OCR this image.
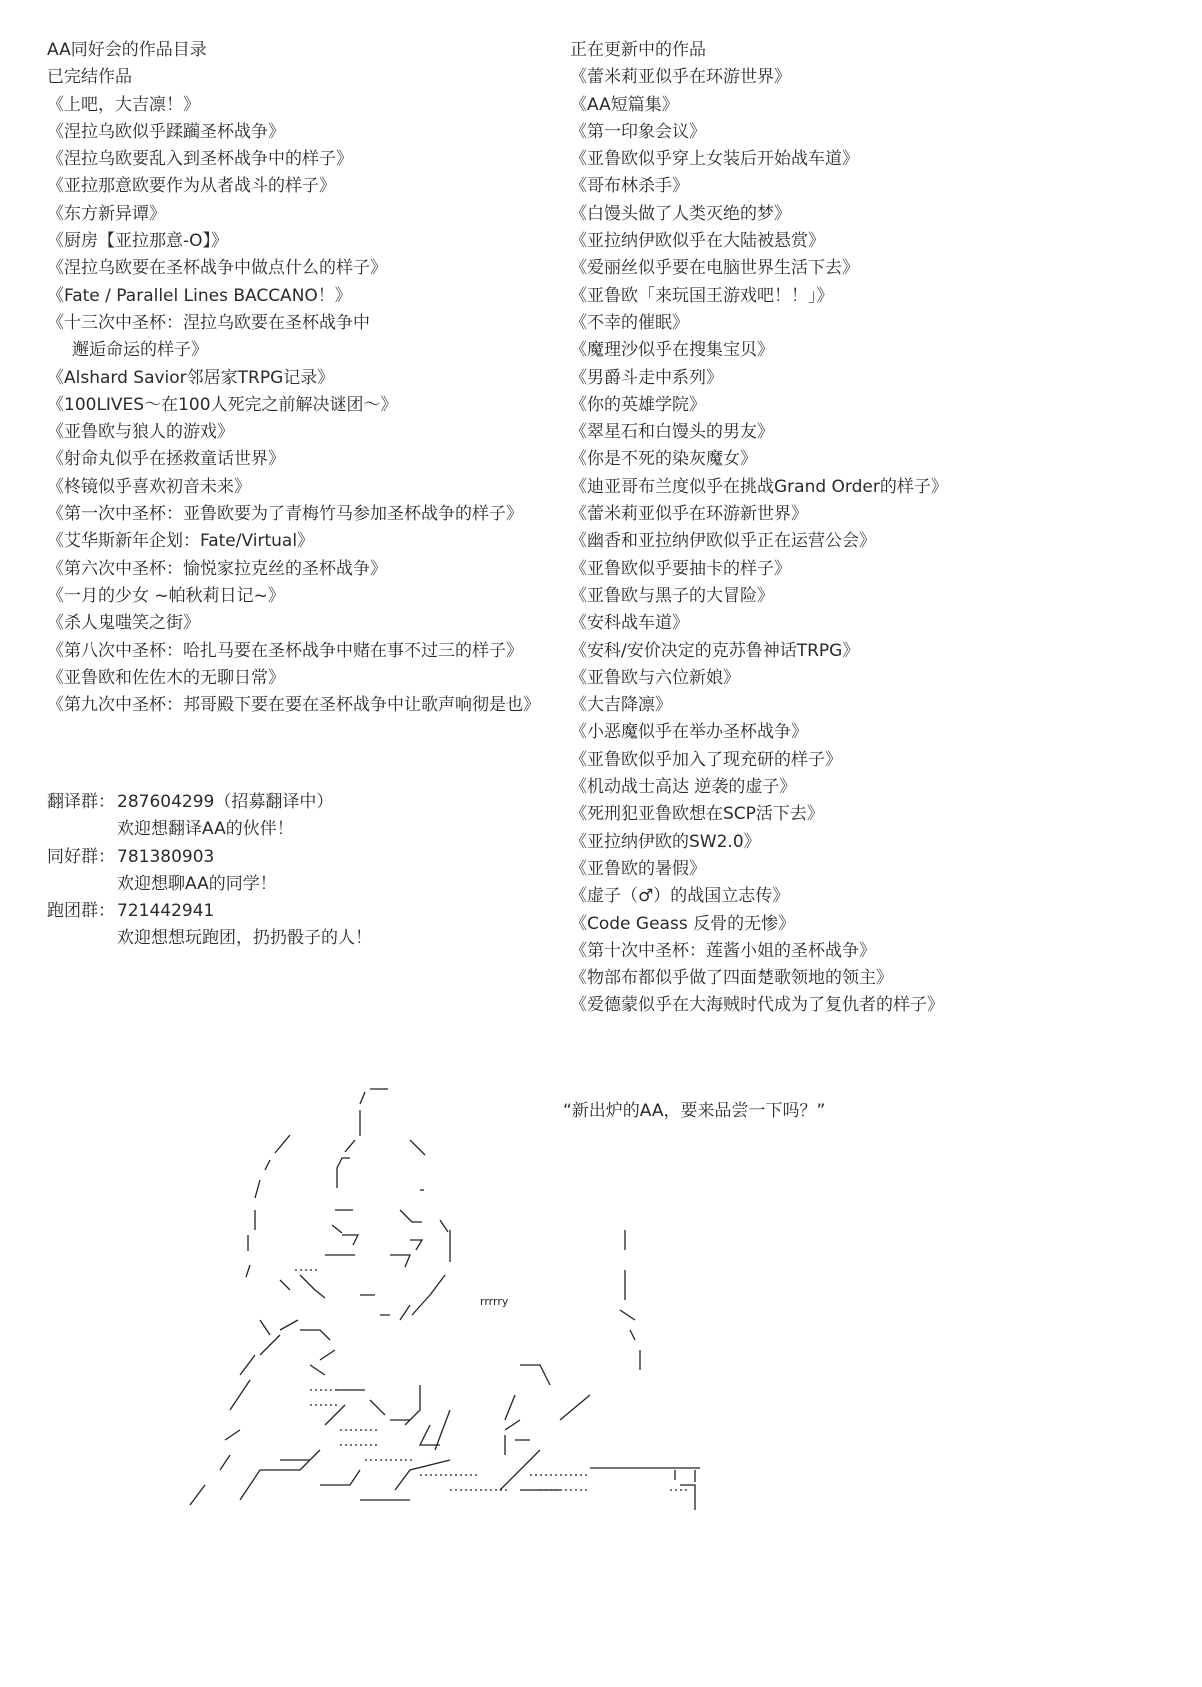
AA同好会的作品目录
已完结作品
《上吧，大吉凛！》
《涅拉乌欧似乎蹂躏圣杯战争》
《涅拉乌欧要乱入到圣杯战争中的样子》
《亚拉那意欧要作为从者战斗的样子》
《东方新异谭》
《厨房【亚拉那意-O】》
《涅拉乌欧要在圣杯战争中做点什么的样子》
《Fate / Parallel Lines BACCANO！》
《十三次中圣杯：涅拉乌欧要在圣杯战争中
邂逅命运的样子》
《Alshard Savior邻居家TRPG记录》
《100LIVES～在100人死完之前解决谜团～》
《亚鲁欧与狼人的游戏》
《射命丸似乎在拯救童话世界》
《柊镜似乎喜欢初音未来》
《第一次中圣杯：亚鲁欧要为了青梅竹马参加圣杯战争的样子》
《艾华斯新年企划：Fate/Virtual》
《第六次中圣杯：愉悦家拉克丝的圣杯战争》
《一月的少女 ~帕秋莉日记~》
《杀人鬼嗤笑之街》
《第八次中圣杯：哈扎马要在圣杯战争中赌在事不过三的样子》
《亚鲁欧和佐佐木的无聊日常》
《第九次中圣杯：邦哥殿下要在要在圣杯战争中让歌声响彻是也》
正在更新中的作品
《蕾米莉亚似乎在环游世界》
《AA短篇集》
《第一印象会议》
《亚鲁欧似乎穿上女装后开始战车道》
《哥布林杀手》
《白馒头做了人类灭绝的梦》
《亚拉纳伊欧似乎在大陆被悬赏》
《爱丽丝似乎要在电脑世界生活下去》
《亚鲁欧「来玩国王游戏吧！！」》
《不幸的催眠》
《魔理沙似乎在搜集宝贝》
《男爵斗走中系列》
《你的英雄学院》
《翠星石和白馒头的男友》
《你是不死的染灰魔女》
《迪亚哥布兰度似乎在挑战Grand Order的样子》
《蕾米莉亚似乎在环游新世界》
《幽香和亚拉纳伊欧似乎正在运营公会》
《亚鲁欧似乎要抽卡的样子》
《亚鲁欧与黑子的大冒险》
《安科战车道》
《安科/安价决定的克苏鲁神话TRPG》
《亚鲁欧与六位新娘》
《大吉降凛》
《小恶魔似乎在举办圣杯战争》
《亚鲁欧似乎加入了现充研的样子》
《机动战士高达 逆袭的虚子》
《死刑犯亚鲁欧想在SCP活下去》
《亚拉纳伊欧的SW2.0》
《亚鲁欧的暑假》
《虚子（♂）的战国立志传》
《Code Geass 反骨的无惨》
《第十次中圣杯：莲酱小姐的圣杯战争》
《物部布都似乎做了四面楚歌领地的领主》
《爱德蒙似乎在大海贼时代成为了复仇者的样子》
翻译群： 287604299（招募翻译中）
欢迎想翻译AA的伙伴！
同好群： 781380903
欢迎想聊AA的同学！
跑团群： 721442941
欢迎想想玩跑团，扔扔骰子的人！
“新出炉的AA，要来品尝一下吗？”
rrrrry
